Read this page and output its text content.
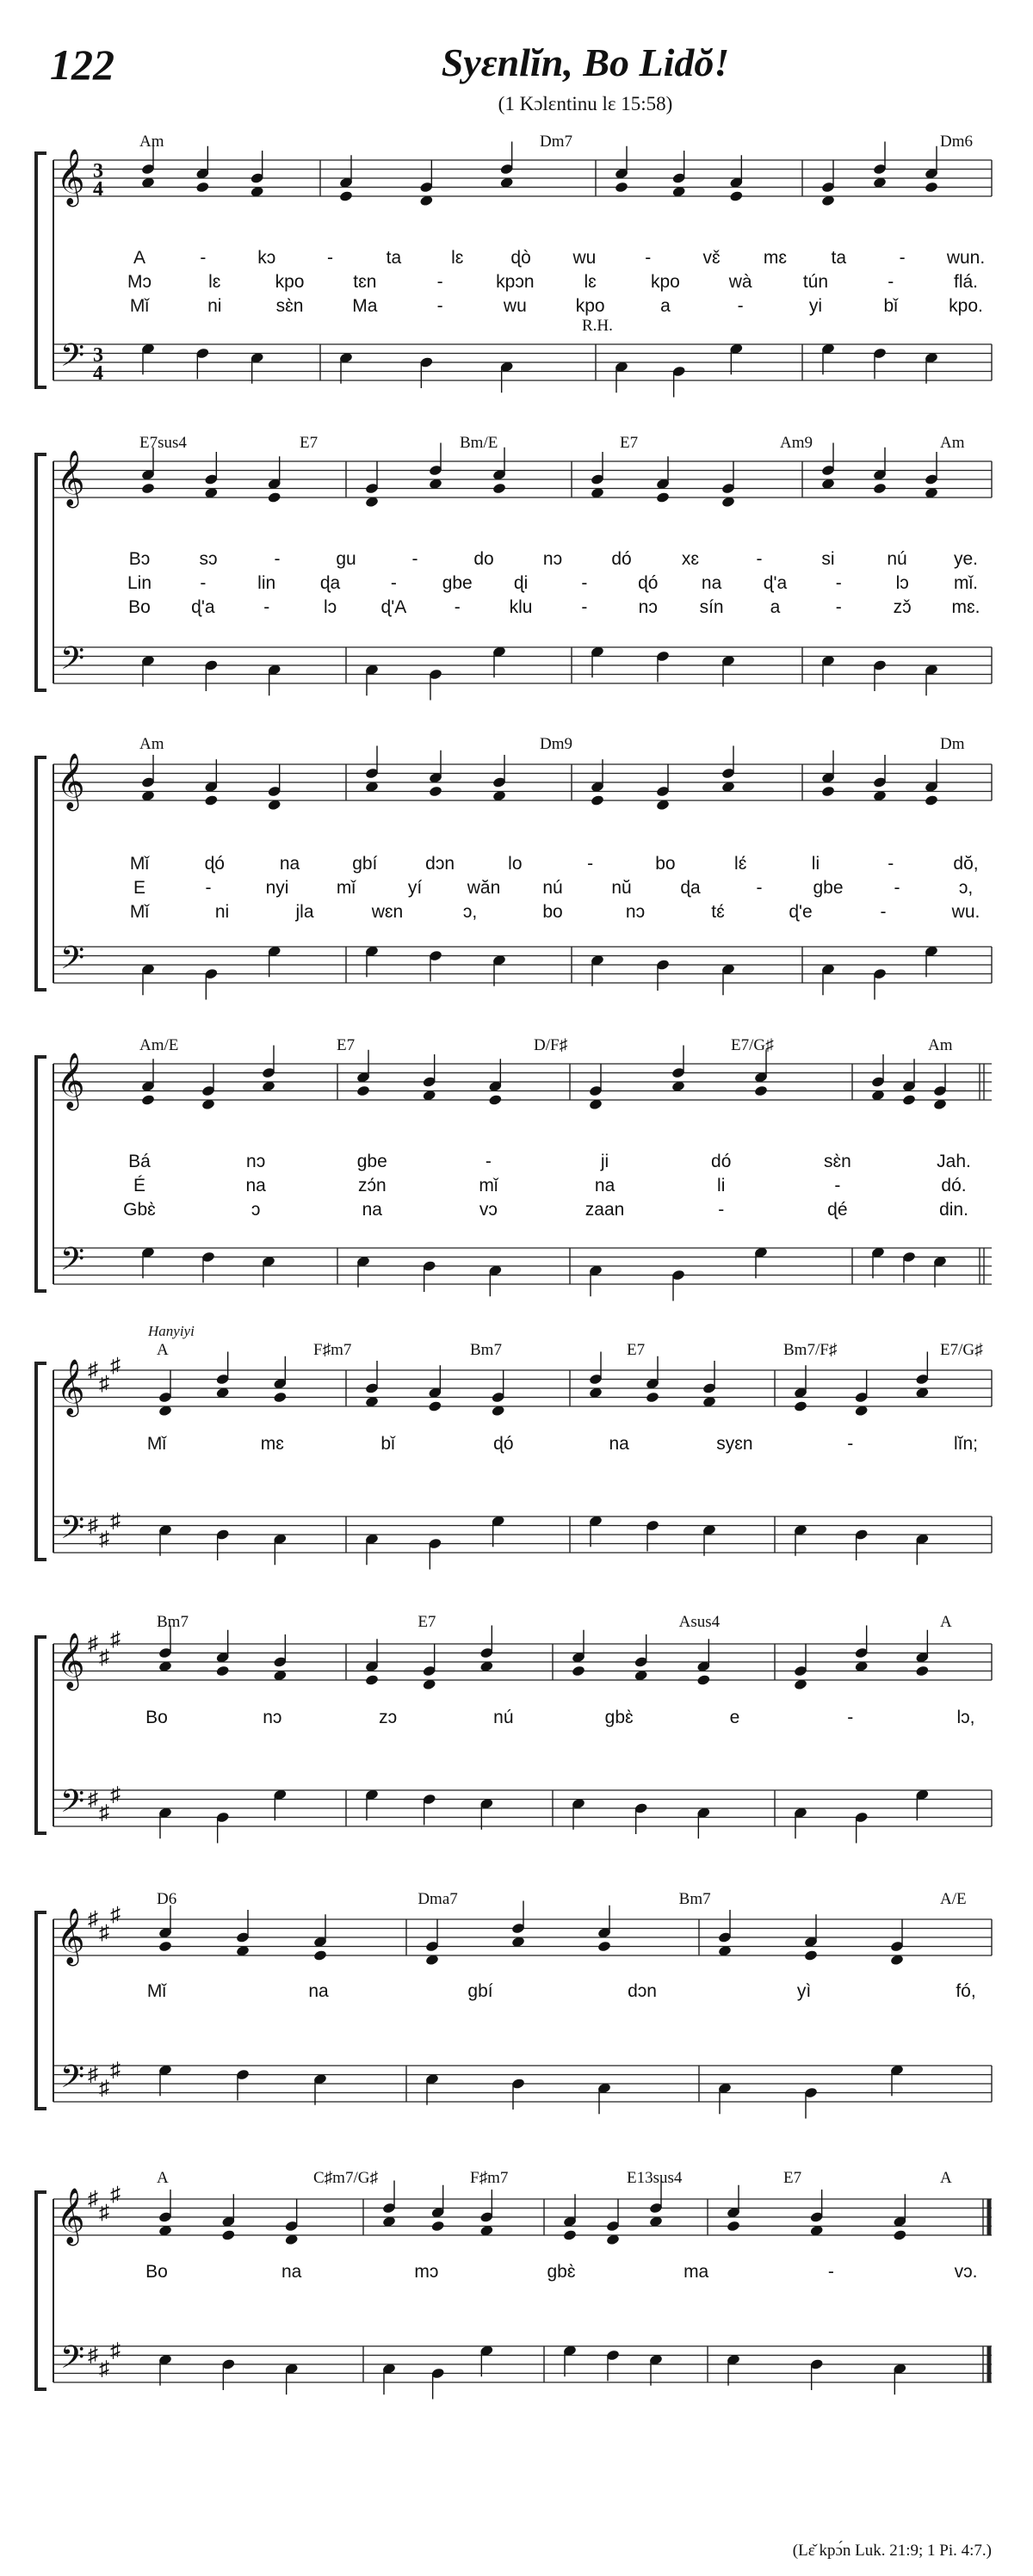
122	Syɛnlĭn, Bo Lidŏ!
(1 Kɔlɛntinu lɛ 15:58)
𝄞
𝄢
3
4
3
4
Am	Dm7	Dm6
R.H.
A	-	kɔ	-	ta	lɛ	ɖò wu	-	vɛ̌ mɛ ta	- wun.
Mɔ	lɛ	kpo	tɛn	-	kpɔn	lɛ	kpo	wà	tún	-	flá.
Mǐ	ni	sɛ̀n	Ma	-	wu	kpo	a	-	yi	bǐ	kpo.
𝄞
𝄢
E7sus4	E7	Bm/E	E7	Am9	Am
Bɔ	sɔ	-	gu	-	do	nɔ	dó	xɛ	-	si	nú	ye.
Lin	-	lin ɖa	-	gbe ɖi	-	ɖó na ɖ'a	-	lɔ mǐ.
Bo ɖ'a	-	lɔ ɖ'A	-	klu	-	nɔ sín	a	-	zɔ̌ mɛ.
𝄞
𝄢
Am	Dm9	Dm
Mǐ	ɖó	na	gbí	dɔn	lo	-	bo	lɛ́	li	-	dŏ,
E	-	nyi	mǐ	yí	wăn nú	nŭ	ɖa	-	gbe	-	ɔ,
Mǐ	ni	jla	wɛn	ɔ,	bo	nɔ	tɛ́	ɖ'e	-	wu.
𝄞
𝄢
Am/E	E7	D/F♯	E7/G♯	Am
Bá	nɔ	gbe	-	ji	dó	sɛ̀n	Jah.
É	na	zɔ́n	mǐ	na	li	-	dó.
Gbɛ̀	ɔ	na	vɔ	zaan	-	ɖé	din.
𝄞
𝄢
♯
♯
♯
♯
♯
♯
A	F♯m7	Bm7	E7	Bm7/F♯	E7/G♯
Hanyiyi
Mǐ	mɛ	bǐ	ɖó	na	syɛn	-	lĭn;
𝄞
𝄢
♯
♯
♯
♯
♯
♯
Bm7	E7	Asus4	A
Bo	nɔ	zɔ	nú	gbɛ̀	e	-	lɔ,
𝄞
𝄢
♯
♯
♯
♯
♯
♯
D6	Dma7	Bm7	A/E
Mǐ	na	gbí	dɔn	yì	fó,
𝄞
𝄢
♯
♯
♯
♯
♯
♯
A	C♯m7/G♯	F♯m7	E13sus4	E7	A
Bo	na	mɔ	gbɛ̀	ma	-	vɔ.
(Lɛ̌ kpɔ́n Luk. 21:9; 1 Pi. 4:7.)
